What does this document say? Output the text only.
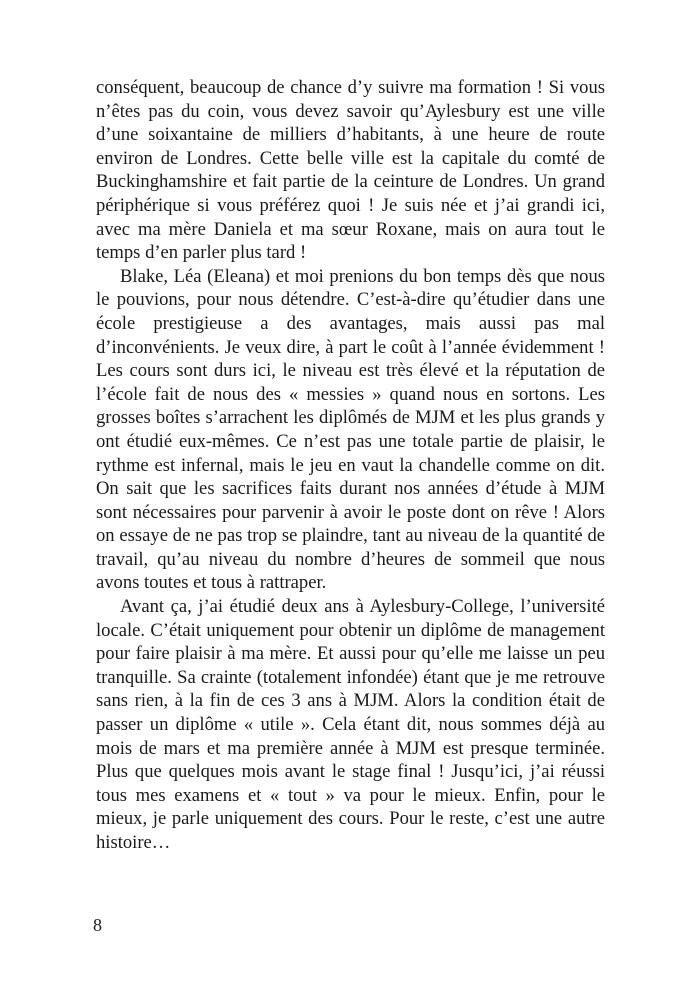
conséquent, beaucoup de chance d’y suivre ma formation ! Si vous n’êtes pas du coin, vous devez savoir qu’Aylesbury est une ville d’une soixantaine de milliers d’habitants, à une heure de route environ de Londres. Cette belle ville est la capitale du comté de Buckinghamshire et fait partie de la ceinture de Londres. Un grand périphérique si vous préférez quoi ! Je suis née et j’ai grandi ici, avec ma mère Daniela et ma sœur Roxane, mais on aura tout le temps d’en parler plus tard !

Blake, Léa (Eleana) et moi prenions du bon temps dès que nous le pouvions, pour nous détendre. C’est-à-dire qu’étudier dans une école prestigieuse a des avantages, mais aussi pas mal d’inconvénients. Je veux dire, à part le coût à l’année évidemment ! Les cours sont durs ici, le niveau est très élevé et la réputation de l’école fait de nous des « messies » quand nous en sortons. Les grosses boîtes s’arrachent les diplômés de MJM et les plus grands y ont étudié eux-mêmes. Ce n’est pas une totale partie de plaisir, le rythme est infernal, mais le jeu en vaut la chandelle comme on dit. On sait que les sacrifices faits durant nos années d’étude à MJM sont nécessaires pour parvenir à avoir le poste dont on rêve ! Alors on essaye de ne pas trop se plaindre, tant au niveau de la quantité de travail, qu’au niveau du nombre d’heures de sommeil que nous avons toutes et tous à rattraper.

Avant ça, j’ai étudié deux ans à Aylesbury-College, l’université locale. C’était uniquement pour obtenir un diplôme de management pour faire plaisir à ma mère. Et aussi pour qu’elle me laisse un peu tranquille. Sa crainte (totalement infondée) étant que je me retrouve sans rien, à la fin de ces 3 ans à MJM. Alors la condition était de passer un diplôme « utile ». Cela étant dit, nous sommes déjà au mois de mars et ma première année à MJM est presque terminée. Plus que quelques mois avant le stage final ! Jusqu’ici, j’ai réussi tous mes examens et « tout » va pour le mieux. Enfin, pour le mieux, je parle uniquement des cours. Pour le reste, c’est une autre histoire…

8
